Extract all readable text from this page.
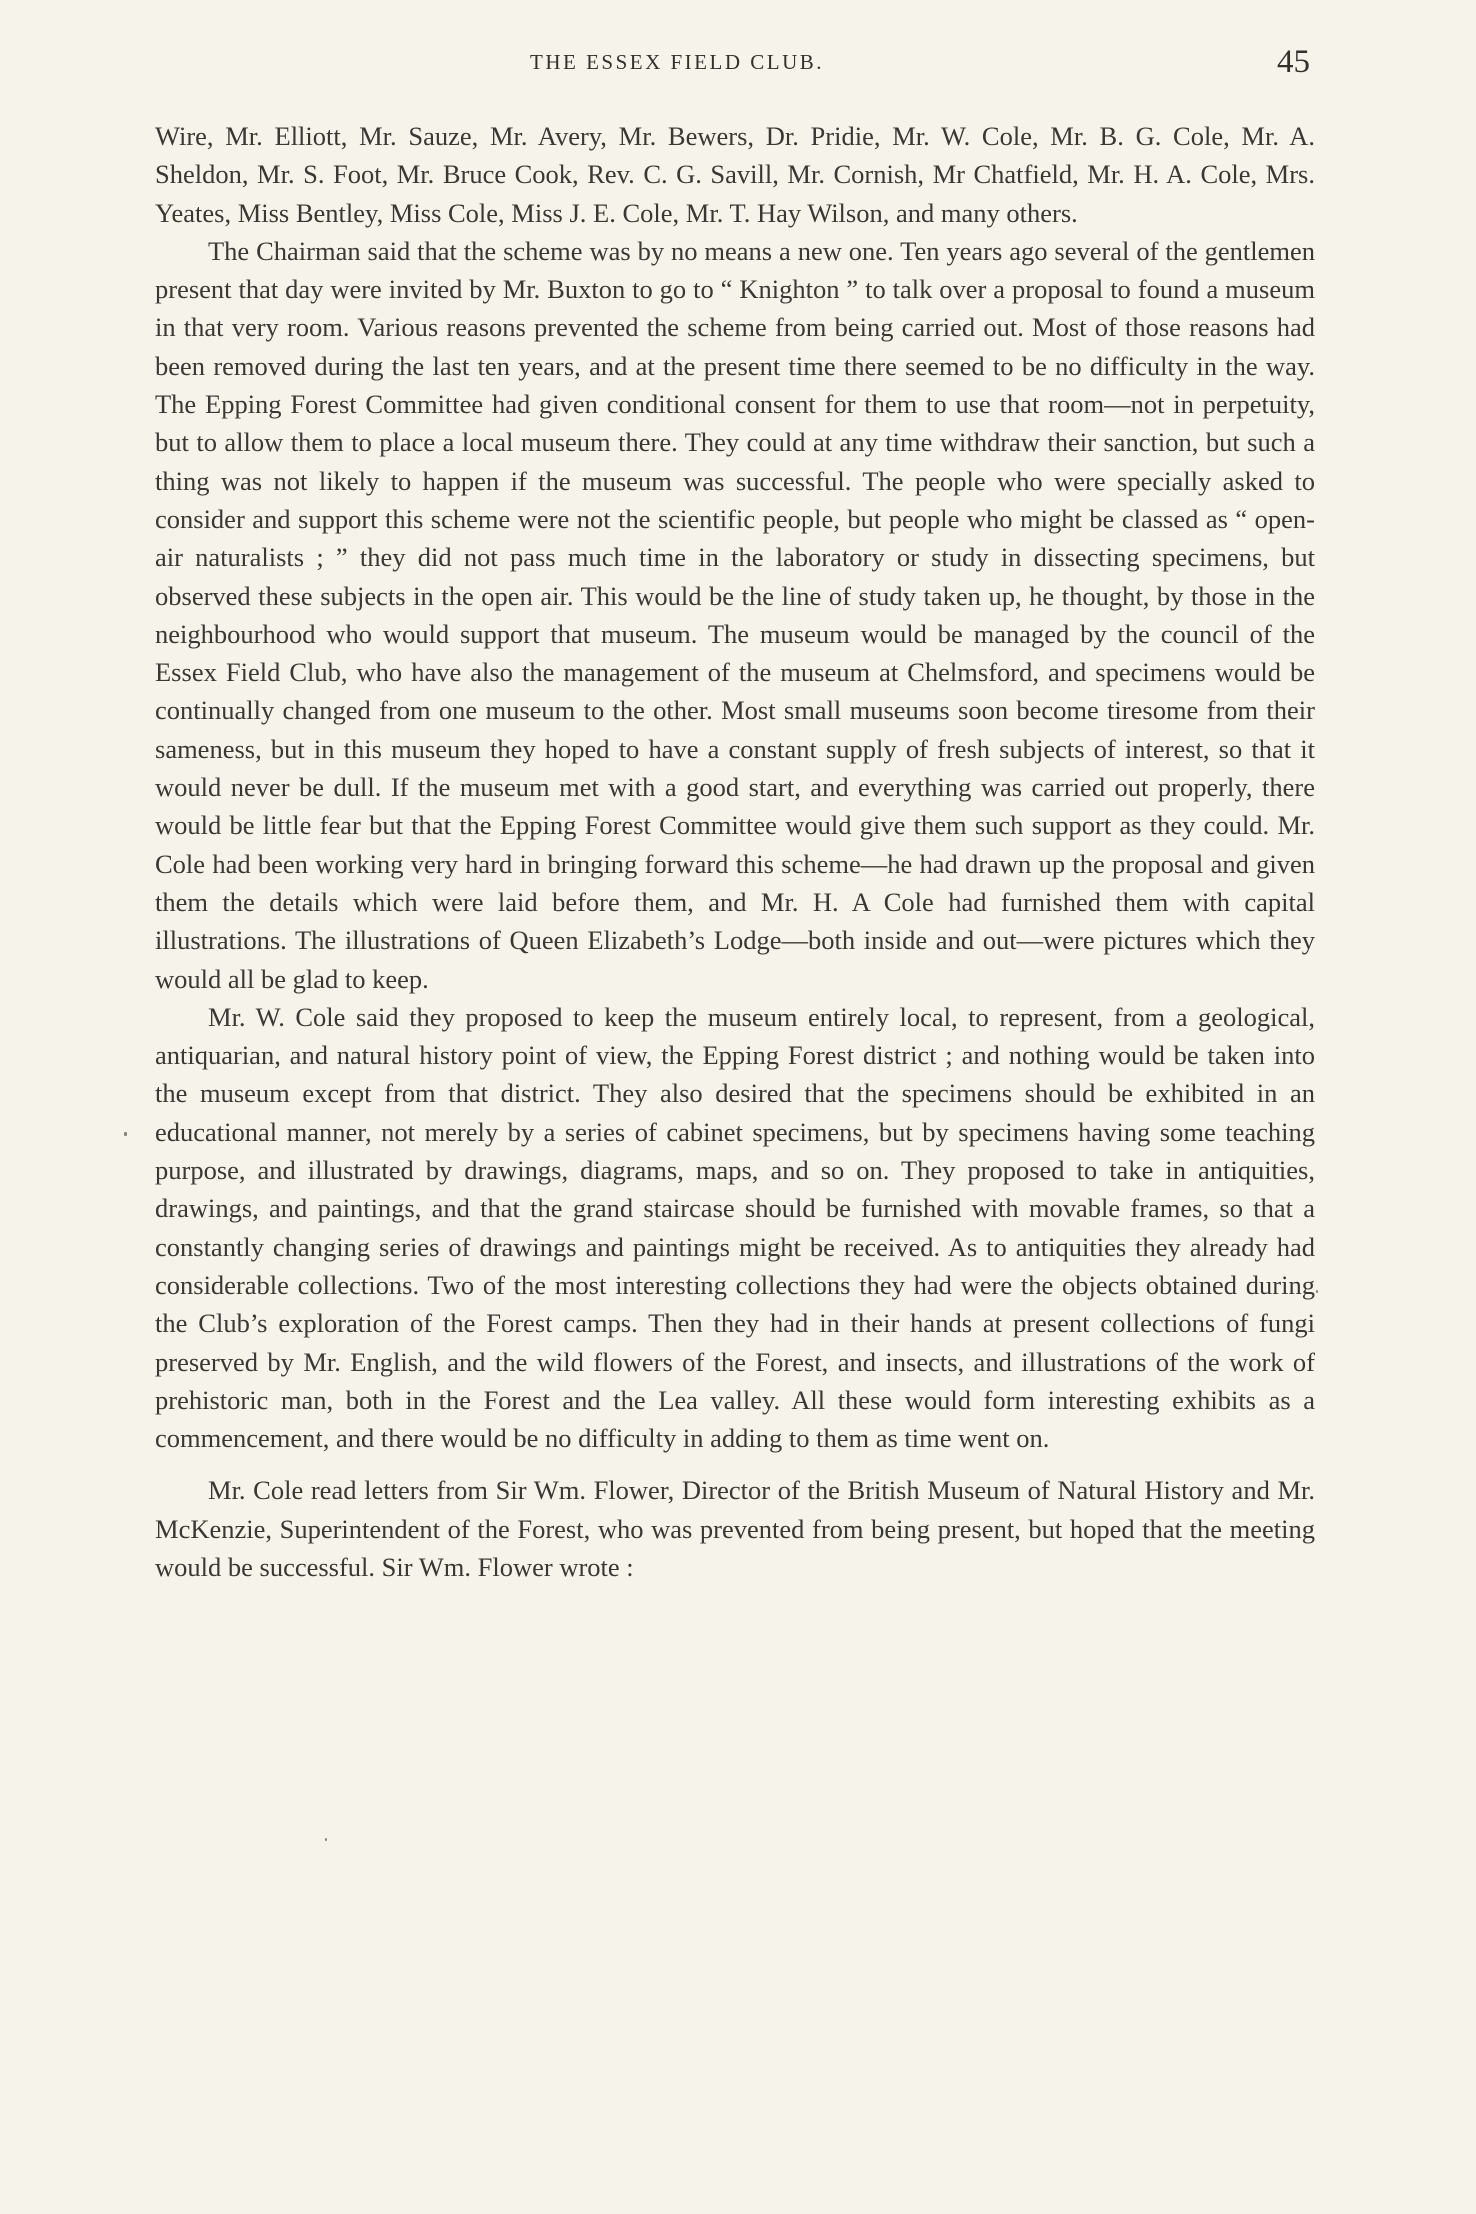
THE ESSEX FIELD CLUB.	45

Wire, Mr. Elliott, Mr. Sauze, Mr. Avery, Mr. Bewers, Dr. Pridie, Mr. W. Cole, Mr. B. G. Cole, Mr. A. Sheldon, Mr. S. Foot, Mr. Bruce Cook, Rev. C. G. Savill, Mr. Cornish, Mr Chatfield, Mr. H. A. Cole, Mrs. Yeates, Miss Bentley, Miss Cole, Miss J. E. Cole, Mr. T. Hay Wilson, and many others.

The Chairman said that the scheme was by no means a new one. Ten years ago several of the gentlemen present that day were invited by Mr. Buxton to go to “ Knighton ” to talk over a proposal to found a museum in that very room. Various reasons prevented the scheme from being carried out. Most of those reasons had been removed during the last ten years, and at the present time there seemed to be no difficulty in the way. The Epping Forest Committee had given conditional consent for them to use that room—not in perpetuity, but to allow them to place a local museum there. They could at any time withdraw their sanction, but such a thing was not likely to happen if the museum was successful. The people who were specially asked to consider and support this scheme were not the scientific people, but people who might be classed as “ open-air naturalists ; ” they did not pass much time in the laboratory or study in dissecting specimens, but observed these subjects in the open air. This would be the line of study taken up, he thought, by those in the neighbourhood who would support that museum. The museum would be managed by the council of the Essex Field Club, who have also the management of the museum at Chelmsford, and specimens would be continually changed from one museum to the other. Most small museums soon become tiresome from their sameness, but in this museum they hoped to have a constant supply of fresh subjects of interest, so that it would never be dull. If the museum met with a good start, and everything was carried out properly, there would be little fear but that the Epping Forest Committee would give them such support as they could. Mr. Cole had been working very hard in bringing forward this scheme—he had drawn up the proposal and given them the details which were laid before them, and Mr. H. A Cole had furnished them with capital illustrations. The illustrations of Queen Elizabeth’s Lodge—both inside and out—were pictures which they would all be glad to keep.

Mr. W. Cole said they proposed to keep the museum entirely local, to represent, from a geological, antiquarian, and natural history point of view, the Epping Forest district ; and nothing would be taken into the museum except from that district. They also desired that the specimens should be exhibited in an educational manner, not merely by a series of cabinet specimens, but by specimens having some teaching purpose, and illustrated by drawings, diagrams, maps, and so on. They proposed to take in antiquities, drawings, and paintings, and that the grand staircase should be furnished with movable frames, so that a constantly changing series of drawings and paintings might be received. As to antiquities they already had considerable collections. Two of the most interesting collections they had were the objects obtained during the Club’s exploration of the Forest camps. Then they had in their hands at present collections of fungi preserved by Mr. English, and the wild flowers of the Forest, and insects, and illustrations of the work of prehistoric man, both in the Forest and the Lea valley. All these would form interesting exhibits as a commencement, and there would be no difficulty in adding to them as time went on.

Mr. Cole read letters from Sir Wm. Flower, Director of the British Museum of Natural History and Mr. McKenzie, Superintendent of the Forest, who was prevented from being present, but hoped that the meeting would be successful. Sir Wm. Flower wrote :
